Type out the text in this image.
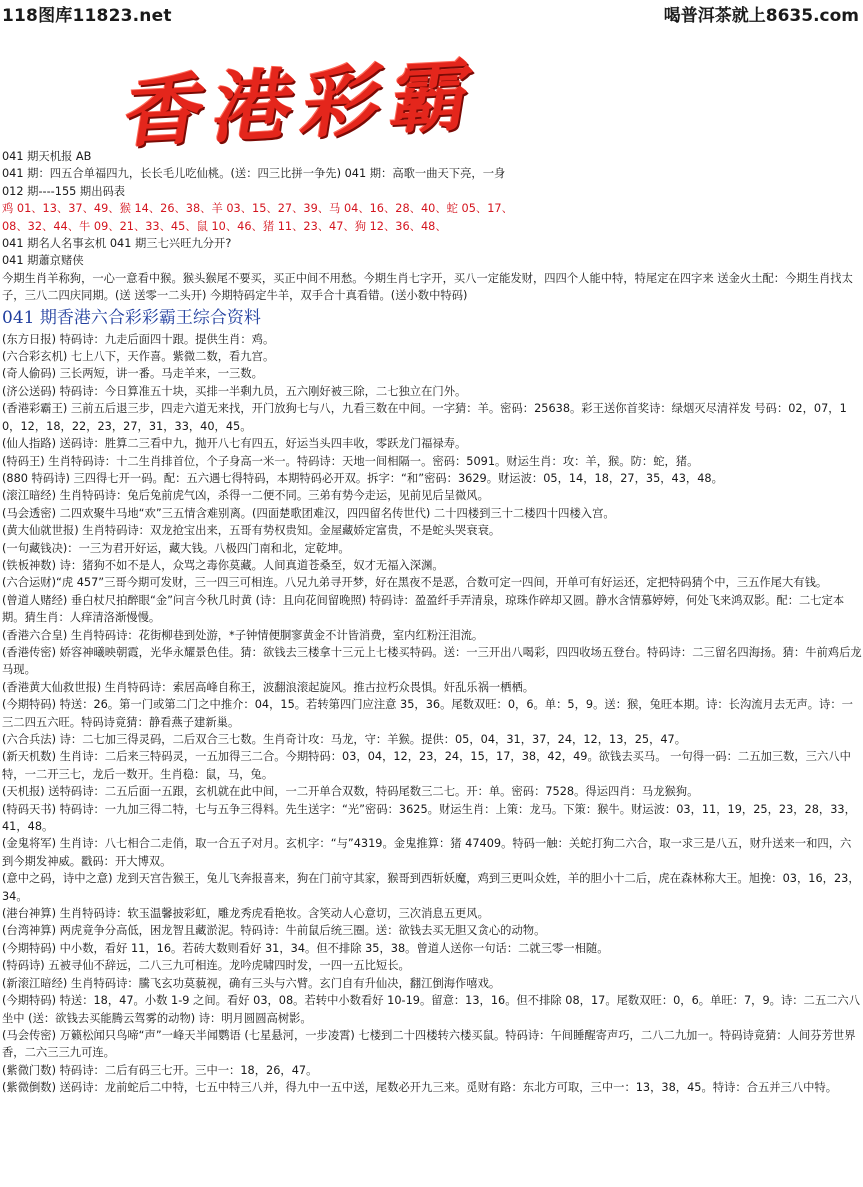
118图库11823.net	喝普洱茶就上8635.com
香港彩霸
041 期天机报 AB
041 期：四五合单福四九，长长毛儿吃仙桃。(送：四三比拼一争先) 041 期：高歌一曲天下亮，一身
012 期----155 期出码表
鸡 01、13、37、49、猴 14、26、38、羊 03、15、27、39、马 04、16、28、40、蛇 05、17、
08、32、44、牛 09、21、33、45、鼠 10、46、猪 11、23、47、狗 12、36、48、
041 期名人名事玄机 041 期三七兴旺九分开?
041 期蕭京赌侠
今期生肖羊称狗，一心一意看中猴。猴头猴尾不要买，买正中间不用愁。今期生肖七字开，买八一定能发财，四四个人能中特，特尾定在四字来 送金火土配：今期生肖找太子，三八二四庆同期。(送 送零一二头开) 今期特码定牛羊，双手合十真看错。(送小数中特码)
041 期香港六合彩彩霸王综合资料
(东方日报) 特码诗：九走后面四十跟。提供生肖：鸡。
(六合彩玄机) 七上八下，天作喜。紫微二数，看九宫。
(奇人偷码) 三长两短，讲一番。马走羊来，一三数。
(济公送码) 特码诗：今日算准五十块，买排一半剩九员，五六刚好被三除，二七独立在门外。
(香港彩霸王) 三前五后退三步，四走六道无来找，开门放狗七与八，九看三数在中间。一字猜：羊。密码：25638。彩王送你首奖诗：绿烟灭尽清祥发 号码：02，07，10，12，18，22，23，27，31，33，40，45。
(仙人指路) 送码诗：胜算二三看中九，抛开八七有四五，好运当头四丰收，零跃龙门福禄寿。
(特码王) 生肖特码诗：十二生肖排首位，个子身高一米一。特码诗：天地一间相隔一。密码：5091。财运生肖：攻：羊，猴。防：蛇，猪。
(880 特码诗) 三四得七开一码。配：五六遇七得特码，本期特码必开双。拆字：“和”密码：3629。财运波：05，14，18，27，35，43，48。
(滚江暗经) 生肖特码诗：兔后兔前虎气凶，杀得一二便不同。三弟有势今走运，见前见后呈微风。
(马会透密) 二四欢聚牛马地“欢”三五情含难别离。(四面楚歌团难汉，四四留名传世代) 二十四楼到三十二楼四十四楼入宫。
(黄大仙就世报) 生肖特码诗：双龙抢宝出来，五哥有势权贵知。金屋藏娇定富贵，不是蛇头哭衰衰。
(一句藏钱决)：一三为君开好运，藏大钱。八极四门南和北，定乾坤。
(铁板神数) 诗：猪狗不如不是人，众骂之毒你莫藏。人间真道苍桑至，奴才无福入深渊。
(六合运财)“虎 457”三哥今期可发财，三一四三可相连。八兄九弟寻开梦，好在黑夜不是恶，合数可定一四间，开单可有好运还，定把特码猜个中，三五作尾大有钱。
(曾道人赌经) 垂白杖尺拍醉眼“金”问言今秋几时黄 (诗：且向花间留晚照) 特码诗：盈盈纤手弄清泉，琼珠作碎却又圆。静水含情慕婷婷，何处飞来鸿双影。配：二七定本期。猜生肖：人痒清洛渐慢慢。
(香港六合皇) 生肖特码诗：花街柳巷到处游，*子钟情便胴寥黄金不计皆消费，室内红粉汪泪流。
(香港传密) 娇容神曦映朝霞，光华永耀景色佳。猜：欲钱去三楼拿十三元上七楼买特码。送：一三开出八喝彩，四四收场五登台。特码诗：二三留名四海扬。猜：牛前鸡后龙马现。
(香港黄大仙救世报) 生肖特码诗：索居高峰自称王，波翻浪滚起旋风。推古拉朽众畏惧。奸乱乐祸一栖栖。
(今期特码) 特送：26。第一门或第二门之中推介：04，15。若转第四门应注意 35，36。尾数双旺：0，6。单：5，9。送：猴，兔旺本期。诗：长沟流月去无声。诗：一三二四五六旺。特码诗竟猜：静看燕子建新巢。
(六合兵法) 诗：二七加三得灵码，二后双合三七数。生肖奇计攻：马龙，守：羊猴。提供：05，04，31，37，24，12，13，25，47。
(新天机数) 生肖诗：二后来三特码灵，一五加得三二合。今期特码：03，04，12，23，24，15，17，38，42，49。欲钱去买马。 一句得一码：二五加三数，三六八中特，一二开三七，龙后一数开。生肖稳：鼠，马，兔。
(天机报) 送特码诗：二五后面一五跟，玄机就在此中间，一二开单合双数，特码尾数三二七。开：单。密码：7528。得运四肖：马龙猴狗。
(特码天书) 特码诗：一九加三得二特，七与五争三得料。先生送字：“光”密码：3625。财运生肖：上策：龙马。下策：猴牛。财运波：03，11，19，25，23，28，33，41，48。
(金鬼将军) 生肖诗：八七相合二走俏，取一合五子对月。玄机字：“与”4319。金鬼推算：猪 47409。特码一触：关蛇打狗二六合，取一求三是八五，财升送来一和四，六到今期发神威。戳码：开大博双。
(意中之码，诗中之意) 龙到天宫告猴王，兔儿飞奔报喜来，狗在门前守其家，猴哥到西斩妖魔，鸡到三更叫众姓，羊的胆小十二后，虎在森林称大王。旭挽：03，16，23，34。
(港台神算) 生肖特码诗：软玉温馨披彩虹，雕龙秀虎看艳妆。含笑动人心意切，三次消息五更风。
(台湾神算) 两虎竟争分高低，困龙智且藏淤泥。特码诗：牛前鼠后统三圈。送：欲钱去买无胆又贪心的动物。
(今期特码) 中小数，看好 11，16。若砖大数则看好 31，34。但不排除 35，38。曾道人送你一句话：二就三零一相随。
(特码诗) 五被寻仙不辞远，二八三九可相连。龙吟虎啸四时发，一四一五比短长。
(新滚江暗经) 生肖特码诗：騰飞玄功莫藐视，确有三头与六臂。玄门自有升仙决，翻江倒海作嘻戏。
(今期特码) 特送：18，47。小数 1-9 之间。看好 03，08。若转中小数看好 10-19。留意：13，16。但不排除 08，17。尾数双旺：0，6。单旺：7，9。诗：二五二六八坐中 (送：欲钱去买能腾云驾雾的动物) 诗：明月圆圆高树影。
(马会传密) 万籁松闻只鸟啼“声”一峰天半闻鹦语 (七星悬河，一步凌霄) 七楼到二十四楼转六楼买鼠。特码诗：午间睡醒寄声巧，二八二九加一。特码诗竟猜：人间芬芳世界香，二六三三九可连。
(紫微门数) 特码诗：二后有码三七开。三中一：18，26，47。
(紫微倒数) 送码诗：龙前蛇后二中特，七五中特三八并，得九中一五中送，尾数必开九三来。觅财有路：东北方可取，三中一：13，38，45。特诗：合五并三八中特。
